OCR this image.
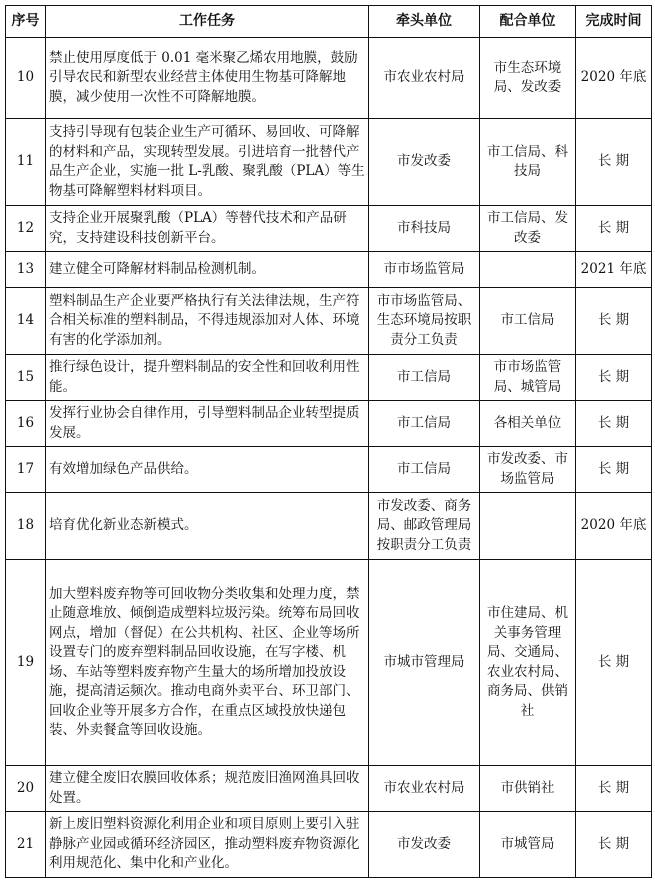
序号	工作任务	牵头单位	配合单位	完成时间
10	禁止使用厚度低于 0.01 毫米聚乙烯农用地膜，鼓励引导农民和新型农业经营主体使用生物基可降解地膜，减少使用一次性不可降解地膜。	市农业农村局	市生态环境局、发改委	2020 年底
11	支持引导现有包装企业生产可循环、易回收、可降解的材料和产品，实现转型发展。引进培育一批替代产品生产企业，实施一批 L-乳酸、聚乳酸（PLA）等生物基可降解塑料材料项目。	市发改委	市工信局、科技局	长 期
12	支持企业开展聚乳酸（PLA）等替代技术和产品研究，支持建设科技创新平台。	市科技局	市工信局、发改委	长 期
13	建立健全可降解材料制品检测机制。	市市场监管局		2021 年底
14	塑料制品生产企业要严格执行有关法律法规，生产符合相关标准的塑料制品，不得违规添加对人体、环境有害的化学添加剂。	市市场监管局、生态环境局按职责分工负责	市工信局	长 期
15	推行绿色设计，提升塑料制品的安全性和回收利用性能。	市工信局	市市场监管局、城管局	长 期
16	发挥行业协会自律作用，引导塑料制品企业转型提质发展。	市工信局	各相关单位	长 期
17	有效增加绿色产品供给。	市工信局	市发改委、市场监管局	长 期
18	培育优化新业态新模式。	市发改委、商务局、邮政管理局按职责分工负责		2020 年底
19	加大塑料废弃物等可回收物分类收集和处理力度，禁止随意堆放、倾倒造成塑料垃圾污染。统筹布局回收网点，增加（督促）在公共机构、社区、企业等场所设置专门的废弃塑料制品回收设施，在写字楼、机场、车站等塑料废弃物产生量大的场所增加投放设施，提高清运频次。推动电商外卖平台、环卫部门、回收企业等开展多方合作，在重点区域投放快递包装、外卖餐盒等回收设施。	市城市管理局	市住建局、机关事务管理局、交通局、农业农村局、商务局、供销社	长 期
20	建立健全废旧农膜回收体系；规范废旧渔网渔具回收处置。	市农业农村局	市供销社	长 期
21	新上废旧塑料资源化利用企业和项目原则上要引入驻静脉产业园或循环经济园区，推动塑料废弃物资源化利用规范化、集中化和产业化。	市发改委	市城管局	长 期
